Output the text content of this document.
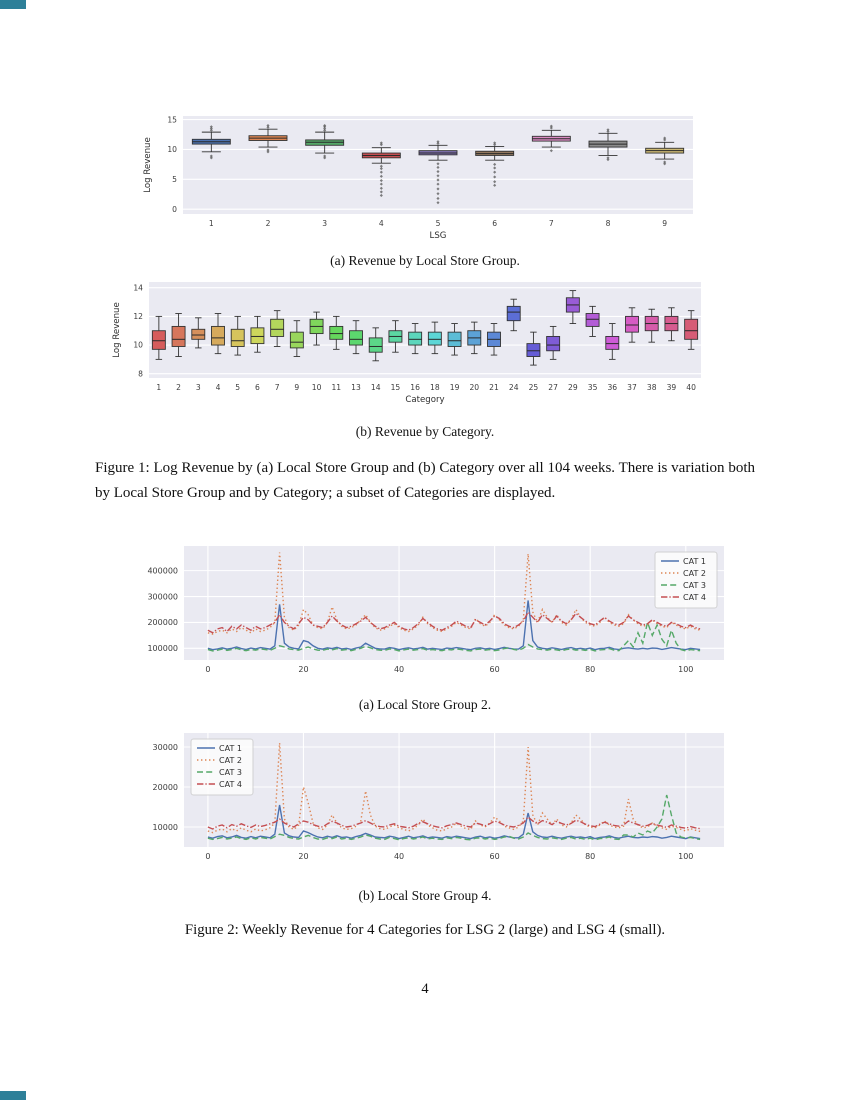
0
5
10
15
1	2	3	4	5	6	7	8	9
LSG
Log Revenue
(a) Revenue by Local Store Group.
8
10
12
14
1 2 3 4 5 6 7 9 10 11 13 14 15 16 18 19 20 21 24 25 27 29 35 36 37 38 39 40
Category
Log Revenue
(b) Revenue by Category.
Figure 1: Log Revenue by (a) Local Store Group and (b) Category over all 104 weeks. There is variation both by Local Store Group and by Category; a subset of Categories are displayed.
0	20	40	60	80	100
100000
200000
300000
400000
CAT 1
CAT 2
CAT 3
CAT 4
(a) Local Store Group 2.
0	20	40	60	80	100
10000
20000
30000	CAT 1
CAT 2
CAT 3
CAT 4
(b) Local Store Group 4.
Figure 2: Weekly Revenue for 4 Categories for LSG 2 (large) and LSG 4 (small).
4
